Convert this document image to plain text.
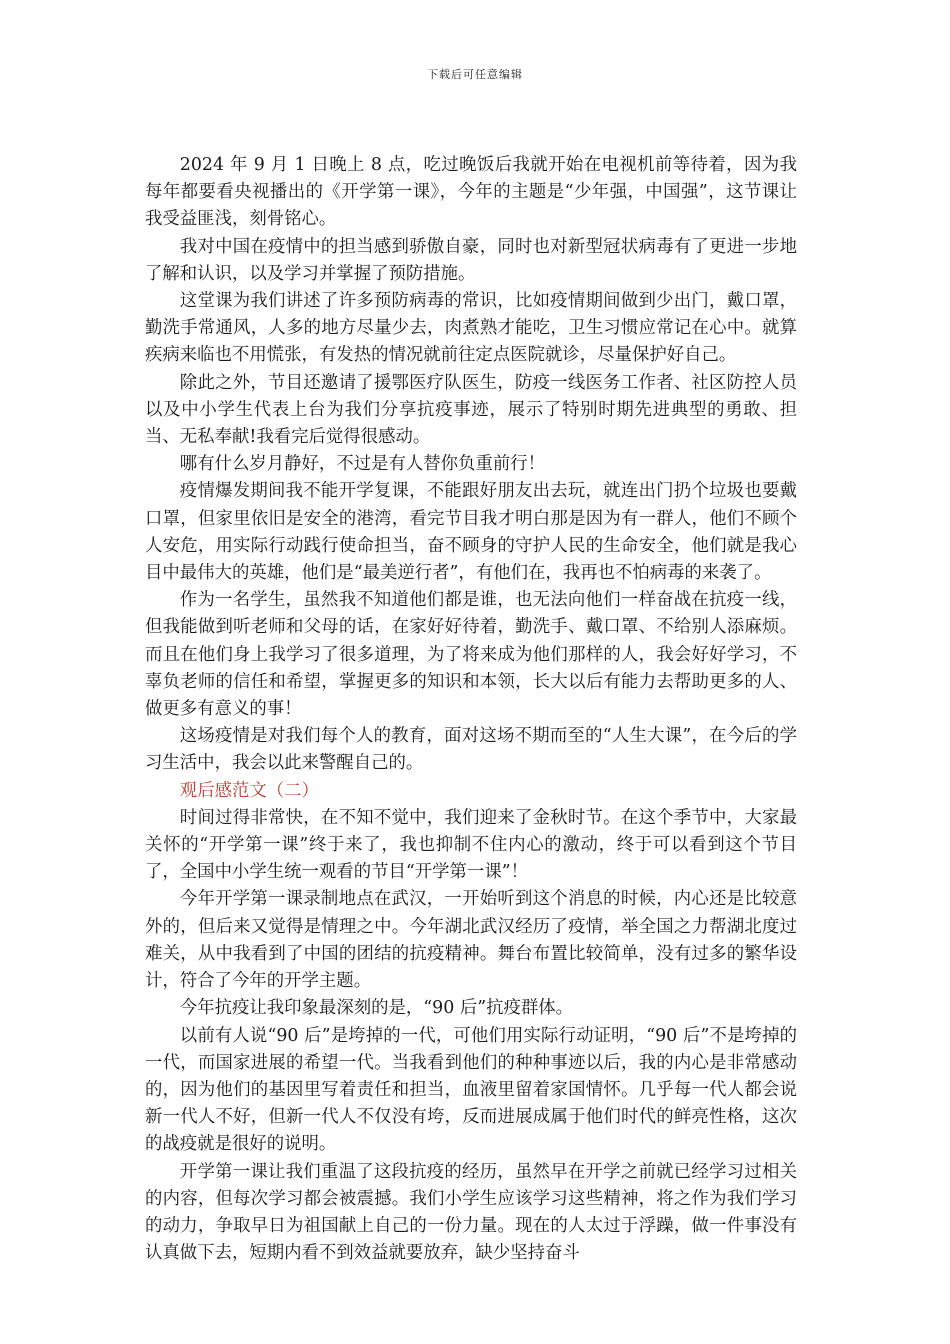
下载后可任意编辑

2024 年 9 月 1 日晚上 8 点，吃过晚饭后我就开始在电视机前等待着，因为我每年都要看央视播出的《开学第一课》，今年的主题是“少年强，中国强”，这节课让我受益匪浅，刻骨铭心。

我对中国在疫情中的担当感到骄傲自豪，同时也对新型冠状病毒有了更进一步地了解和认识，以及学习并掌握了预防措施。

这堂课为我们讲述了许多预防病毒的常识，比如疫情期间做到少出门，戴口罩，勤洗手常通风，人多的地方尽量少去，肉煮熟才能吃，卫生习惯应常记在心中。就算疾病来临也不用慌张，有发热的情况就前往定点医院就诊，尽量保护好自己。

除此之外，节目还邀请了援鄂医疗队医生，防疫一线医务工作者、社区防控人员以及中小学生代表上台为我们分享抗疫事迹，展示了特别时期先进典型的勇敢、担当、无私奉献!我看完后觉得很感动。

哪有什么岁月静好，不过是有人替你负重前行！

疫情爆发期间我不能开学复课，不能跟好朋友出去玩，就连出门扔个垃圾也要戴口罩，但家里依旧是安全的港湾，看完节目我才明白那是因为有一群人，他们不顾个人安危，用实际行动践行使命担当，奋不顾身的守护人民的生命安全，他们就是我心目中最伟大的英雄，他们是“最美逆行者”，有他们在，我再也不怕病毒的来袭了。

作为一名学生，虽然我不知道他们都是谁，也无法向他们一样奋战在抗疫一线，但我能做到听老师和父母的话，在家好好待着，勤洗手、戴口罩、不给别人添麻烦。而且在他们身上我学习了很多道理，为了将来成为他们那样的人，我会好好学习，不辜负老师的信任和希望，掌握更多的知识和本领，长大以后有能力去帮助更多的人、做更多有意义的事！

这场疫情是对我们每个人的教育，面对这场不期而至的“人生大课”，在今后的学习生活中，我会以此来警醒自己的。

观后感范文（二）

时间过得非常快，在不知不觉中，我们迎来了金秋时节。在这个季节中，大家最关怀的“开学第一课”终于来了，我也抑制不住内心的激动，终于可以看到这个节目了，全国中小学生统一观看的节目“开学第一课”！

今年开学第一课录制地点在武汉，一开始听到这个消息的时候，内心还是比较意外的，但后来又觉得是情理之中。今年湖北武汉经历了疫情，举全国之力帮湖北度过难关，从中我看到了中国的团结的抗疫精神。舞台布置比较简单，没有过多的繁华设计，符合了今年的开学主题。

今年抗疫让我印象最深刻的是，“90 后”抗疫群体。

以前有人说“90 后”是垮掉的一代，可他们用实际行动证明，“90 后”不是垮掉的一代，而国家进展的希望一代。当我看到他们的种种事迹以后，我的内心是非常感动的，因为他们的基因里写着责任和担当，血液里留着家国情怀。几乎每一代人都会说新一代人不好，但新一代人不仅没有垮，反而进展成属于他们时代的鲜亮性格，这次的战疫就是很好的说明。

开学第一课让我们重温了这段抗疫的经历，虽然早在开学之前就已经学习过相关的内容，但每次学习都会被震撼。我们小学生应该学习这些精神，将之作为我们学习的动力，争取早日为祖国献上自己的一份力量。现在的人太过于浮躁，做一件事没有认真做下去，短期内看不到效益就要放弃，缺少坚持奋斗
